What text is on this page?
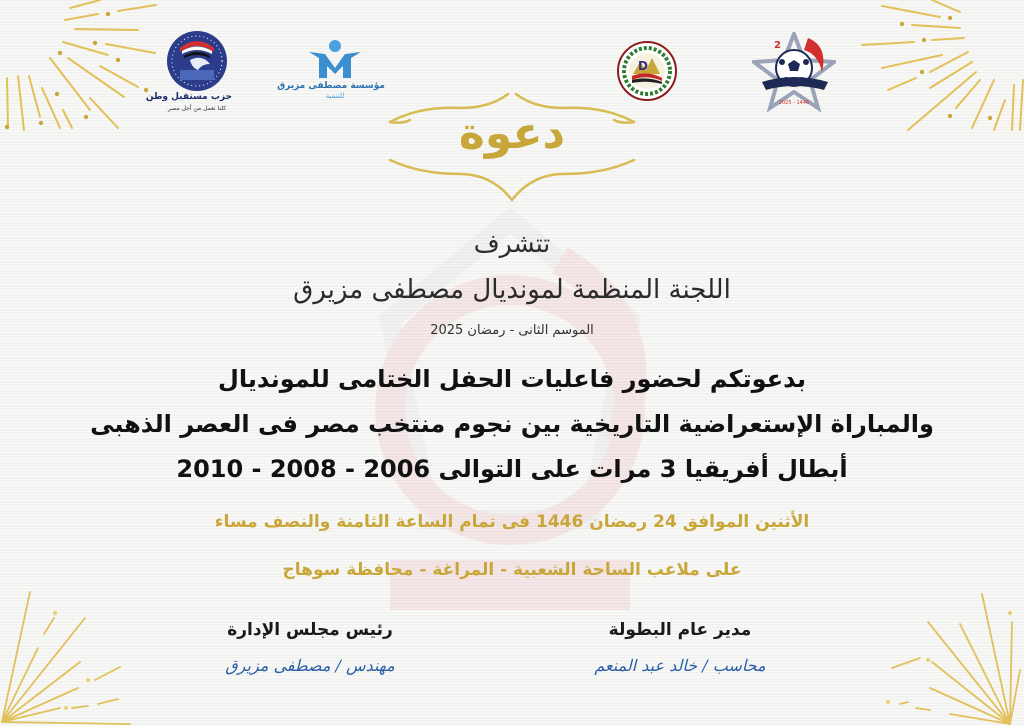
حزب مستقبل وطن
كلنا نعمل من أجل مصر
مؤسسة مصطفى مزيرق
للتنمية
D
2
2025 - 1446
دعوة
تتشرف
اللجنة المنظمة لمونديال مصطفى مزيرق
الموسم الثانى - رمضان 2025
بدعوتكم لحضور فاعليات الحفل الختامى للمونديال
والمباراة الإستعراضية التاريخية بين نجوم منتخب مصر فى العصر الذهبى
أبطال أفريقيا 3 مرات على التوالى 2006 - 2008 - 2010
الأثنين الموافق 24 رمضان 1446 فى تمام الساعة الثامنة والنصف مساء
على ملاعب الساحة الشعبية - المراغة - محافظة سوهاج
مدير عام البطولة
محاسب / خالد عبد المنعم
رئيس مجلس الإدارة
مهندس / مصطفى مزيرق
